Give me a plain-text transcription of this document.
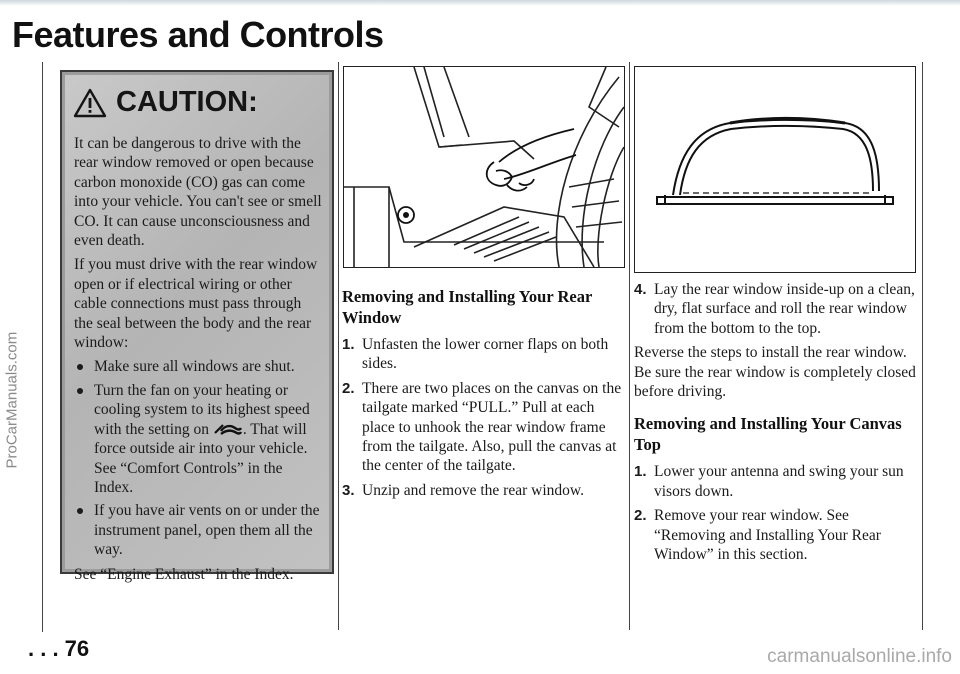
Features and Controls
ProCarManuals.com
carmanualsonline.info
CAUTION:

It can be dangerous to drive with the rear window removed or open because carbon monoxide (CO) gas can come into your vehicle. You can't see or smell CO. It can cause unconsciousness and even death.

If you must drive with the rear window open or if electrical wiring or other cable connections must pass through the seal between the body and the rear window:

Make sure all windows are shut.
Turn the fan on your heating or cooling system to its highest speed with the setting on . That will force outside air into your vehicle. See “Comfort Controls” in the Index.
If you have air vents on or under the instrument panel, open them all the way.

See “Engine Exhaust” in the Index.

Removing and Installing Your Rear Window
1. Unfasten the lower corner flaps on both sides.
2. There are two places on the canvas on the tailgate marked “PULL.” Pull at each place to unhook the rear window frame from the tailgate. Also, pull the canvas at the center of the tailgate.
3. Unzip and remove the rear window.
4. Lay the rear window inside-up on a clean, dry, flat surface and roll the rear window from the bottom to the top.

Reverse the steps to install the rear window. Be sure the rear window is completely closed before driving.

Removing and Installing Your Canvas Top
1. Lower your antenna and swing your sun visors down.
2. Remove your rear window. See “Removing and Installing Your Rear Window” in this section.
. . . 76
